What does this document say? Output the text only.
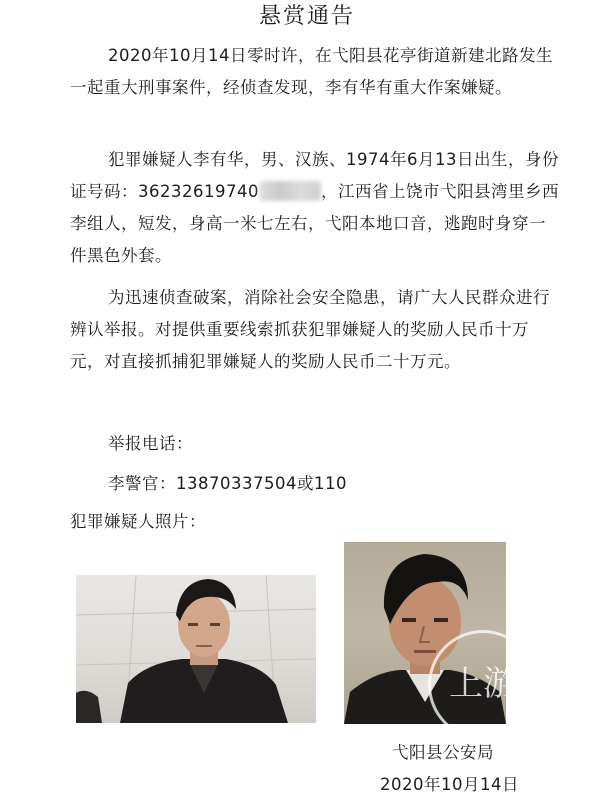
悬赏通告

2020年10月14日零时许，在弋阳县花亭街道新建北路发生一起重大刑事案件，经侦查发现，李有华有重大作案嫌疑。

犯罪嫌疑人李有华，男、汉族、1974年6月13日出生，身份证号码：36232619740	，江西省上饶市弋阳县湾里乡西李组人，短发，身高一米七左右，弋阳本地口音，逃跑时身穿一件黑色外套。

为迅速侦查破案，消除社会安全隐患，请广大人民群众进行辨认举报。对提供重要线索抓获犯罪嫌疑人的奖励人民币十万元，对直接抓捕犯罪嫌疑人的奖励人民币二十万元。

举报电话：
李警官：13870337504或110
犯罪嫌疑人照片：
上游
弋阳县公安局
2020年10月14日
